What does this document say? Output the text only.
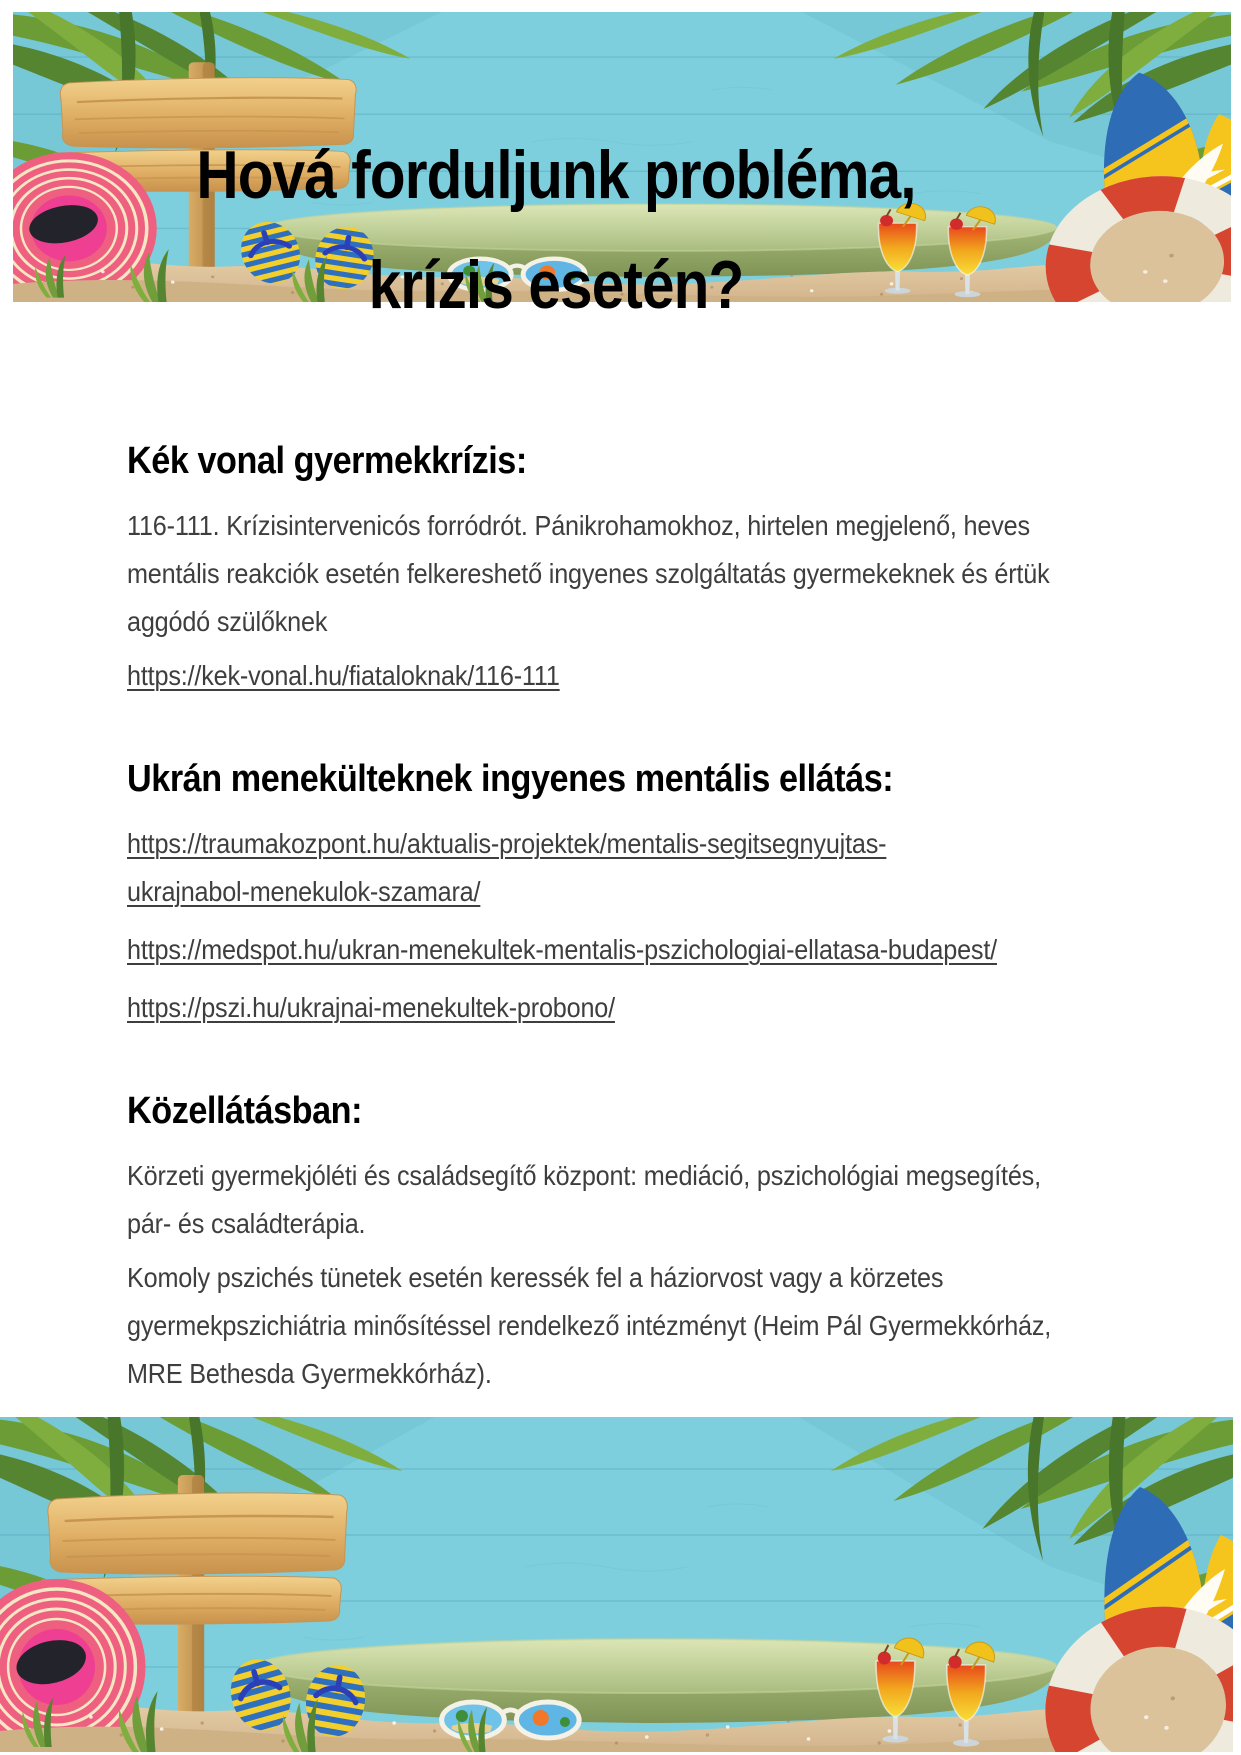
Hová forduljunk probléma,
krízis esetén?
Kék vonal gyermekkrízis:

116-111. Krízisintervenicós forródrót. Pánikrohamokhoz, hirtelen megjelenő, heves mentális reakciók esetén felkereshető ingyenes szolgáltatás gyermekeknek és értük aggódó szülőknek

https://kek-vonal.hu/fiataloknak/116-111

Ukrán menekülteknek ingyenes mentális ellátás:

https://traumakozpont.hu/aktualis-projektek/mentalis-segitsegnyujtas-ukrajnabol-menekulok-szamara/

https://medspot.hu/ukran-menekultek-mentalis-pszichologiai-ellatasa-budapest/

https://pszi.hu/ukrajnai-menekultek-probono/

Közellátásban:

Körzeti gyermekjóléti és családsegítő központ: mediáció, pszichológiai megsegítés, pár- és családterápia.

Komoly pszichés tünetek esetén keressék fel a háziorvost vagy a körzetes gyermekpszichiátria minősítéssel rendelkező intézményt (Heim Pál Gyermekkórház, MRE Bethesda Gyermekkórház).
